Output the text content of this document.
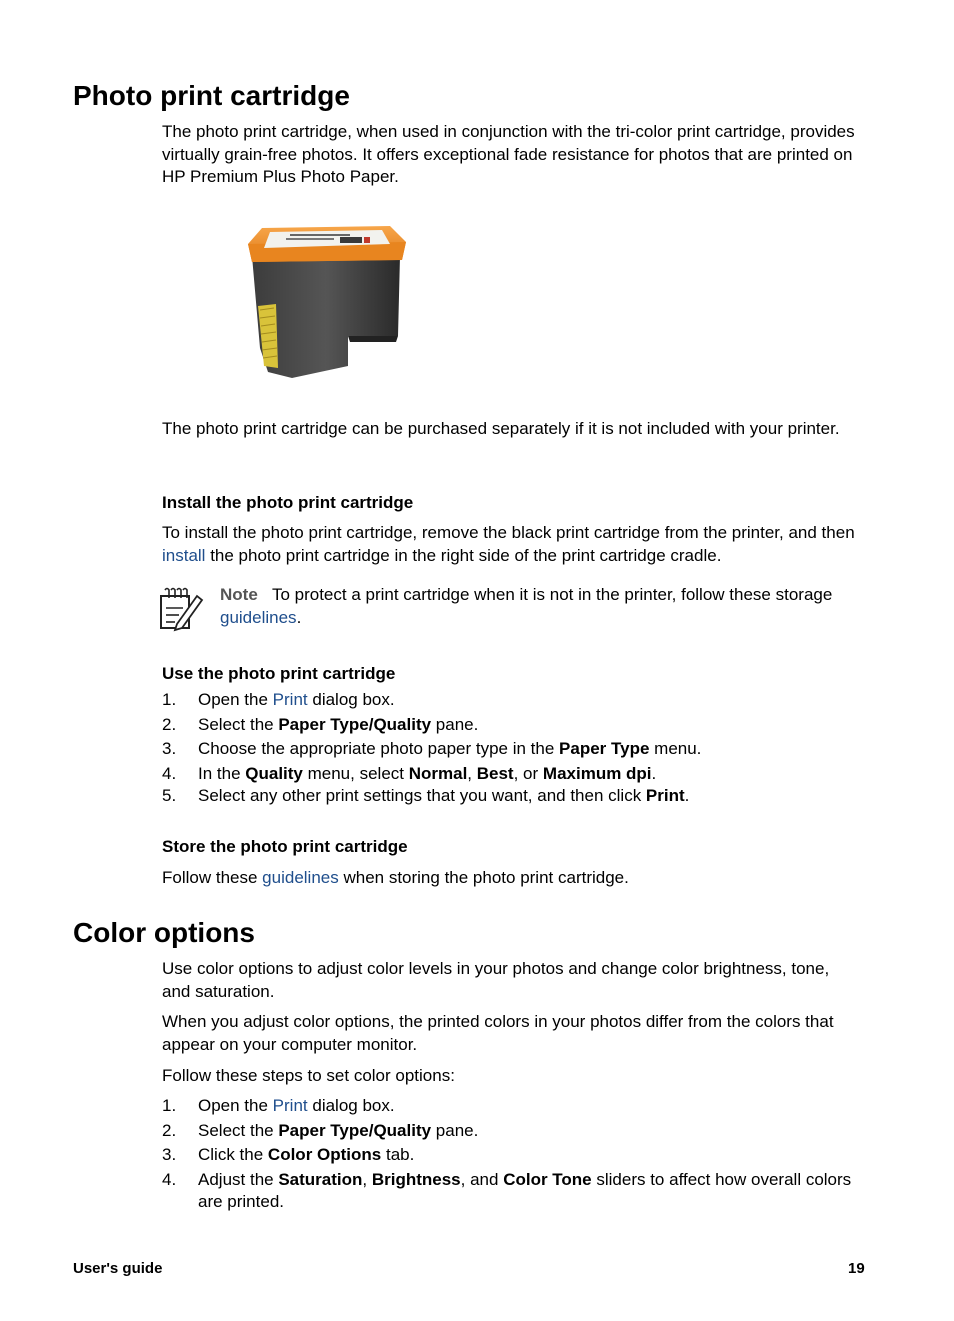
Photo print cartridge
The photo print cartridge, when used in conjunction with the tri-color print cartridge, provides virtually grain-free photos. It offers exceptional fade resistance for photos that are printed on HP Premium Plus Photo Paper.
The photo print cartridge can be purchased separately if it is not included with your printer.
Install the photo print cartridge
To install the photo print cartridge, remove the black print cartridge from the printer, and then install the photo print cartridge in the right side of the print cartridge cradle.
Note To protect a print cartridge when it is not in the printer, follow these storage guidelines.
Use the photo print cartridge
1. Open the Print dialog box.
2. Select the Paper Type/Quality pane.
3. Choose the appropriate photo paper type in the Paper Type menu.
4. In the Quality menu, select Normal, Best, or Maximum dpi.
5. Select any other print settings that you want, and then click Print.
Store the photo print cartridge
Follow these guidelines when storing the photo print cartridge.
Color options
Use color options to adjust color levels in your photos and change color brightness, tone, and saturation.
When you adjust color options, the printed colors in your photos differ from the colors that appear on your computer monitor.
Follow these steps to set color options:
1. Open the Print dialog box.
2. Select the Paper Type/Quality pane.
3. Click the Color Options tab.
4. Adjust the Saturation, Brightness, and Color Tone sliders to affect how overall colors are printed.
User's guide	19
